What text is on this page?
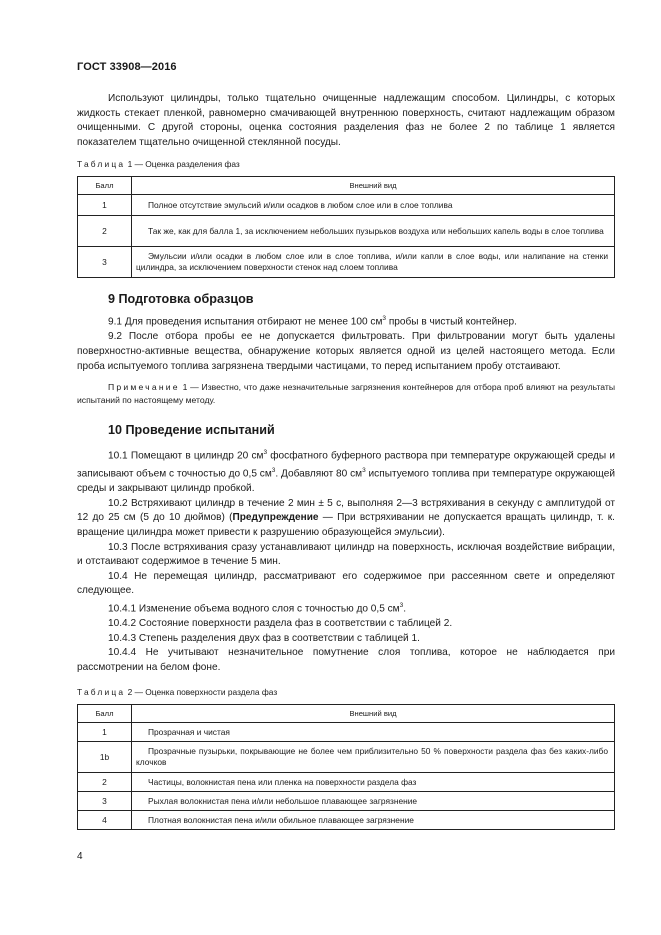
ГОСТ 33908—2016

Используют цилиндры, только тщательно очищенные надлежащим способом. Цилиндры, с которых жидкость стекает пленкой, равномерно смачивающей внутреннюю поверхность, считают надлежащим образом очищенными. С другой стороны, оценка состояния разделения фаз не более 2 по таблице 1 является показателем тщательно очищенной стеклянной посуды.

Таблица 1 — Оценка разделения фаз
Балл	Внешний вид
1	Полное отсутствие эмульсий и/или осадков в любом слое или в слое топлива

2	Так же, как для балла 1, за исключением небольших пузырьков воздуха или небольших капель воды в слое топлива

3	Эмульсии и/или осадки в любом слое или в слое топлива, и/или капли в слое воды, или налипание на стенки цилиндра, за исключением поверхности стенок над слоем топлива
9 Подготовка образцов

9.1 Для проведения испытания отбирают не менее 100 $см^3$ пробы в чистый контейнер.

9.2 После отбора пробы ее не допускается фильтровать. При фильтровании могут быть удалены поверхностно-активные вещества, обнаружение которых является одной из целей настоящего метода. Если проба испытуемого топлива загрязнена твердыми частицами, то перед испытанием пробу отстаивают.

Примечание 1 — Известно, что даже незначительные загрязнения контейнеров для отбора проб влияют на результаты испытаний по настоящему методу.

10 Проведение испытаний

10.1 Помещают в цилиндр 20 $см^3$ фосфатного буферного раствора при температуре окружающей среды и записывают объем с точностью до 0,5 $см^3$. Добавляют 80 $см^3$ испытуемого топлива при температуре окружающей среды и закрывают цилиндр пробкой.

10.2 Встряхивают цилиндр в течение 2 мин ± 5 с, выполняя 2—3 встряхивания в секунду с амплитудой от 12 до 25 см (5 до 10 дюймов) (Предупреждение — При встряхивании не допускается вращать цилиндр, т. к. вращение цилиндра может привести к разрушению образующейся эмульсии).

10.3 После встряхивания сразу устанавливают цилиндр на поверхность, исключая воздействие вибрации, и отстаивают содержимое в течение 5 мин.

10.4 Не перемещая цилиндр, рассматривают его содержимое при рассеянном свете и определяют следующее.

10.4.1 Изменение объема водного слоя с точностью до 0,5 $см^3$.

10.4.2 Состояние поверхности раздела фаз в соответствии с таблицей 2.

10.4.3 Степень разделения двух фаз в соответствии с таблицей 1.

10.4.4 Не учитывают незначительное помутнение слоя топлива, которое не наблюдается при рассмотрении на белом фоне.

Таблица 2 — Оценка поверхности раздела фаз
Балл	Внешний вид
1	Прозрачная и чистая

1b	Прозрачные пузырьки, покрывающие не более чем приблизительно 50 % поверхности раздела фаз без каких-либо клочков

2	Частицы, волокнистая пена или пленка на поверхности раздела фаз

3	Рыхлая волокнистая пена и/или небольшое плавающее загрязнение

4	Плотная волокнистая пена и/или обильное плавающее загрязнение
4
